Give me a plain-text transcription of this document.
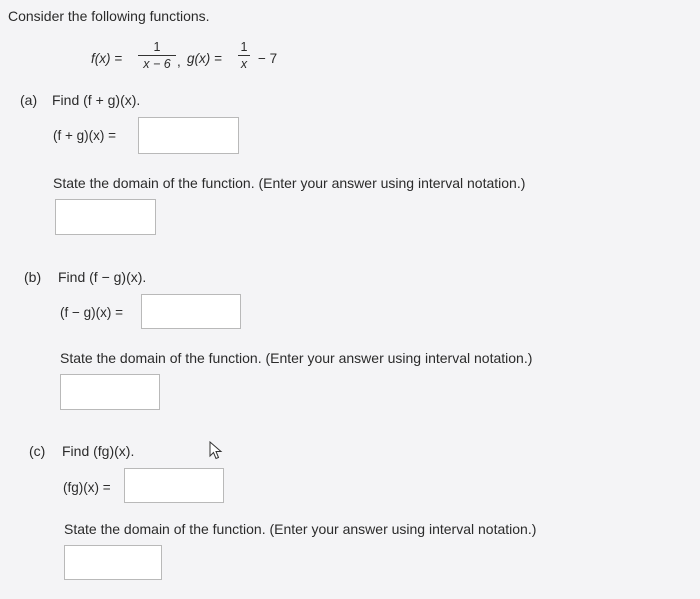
Consider the following functions.
f(x) =
1
x − 6 , g(x) =
1
x − 7
(a) Find (f + g)(x).
(f + g)(x) =
State the domain of the function. (Enter your answer using interval notation.)
(b) Find (f − g)(x).
(f − g)(x) =
State the domain of the function. (Enter your answer using interval notation.)
(c) Find (fg)(x).
(fg)(x) =
State the domain of the function. (Enter your answer using interval notation.)
